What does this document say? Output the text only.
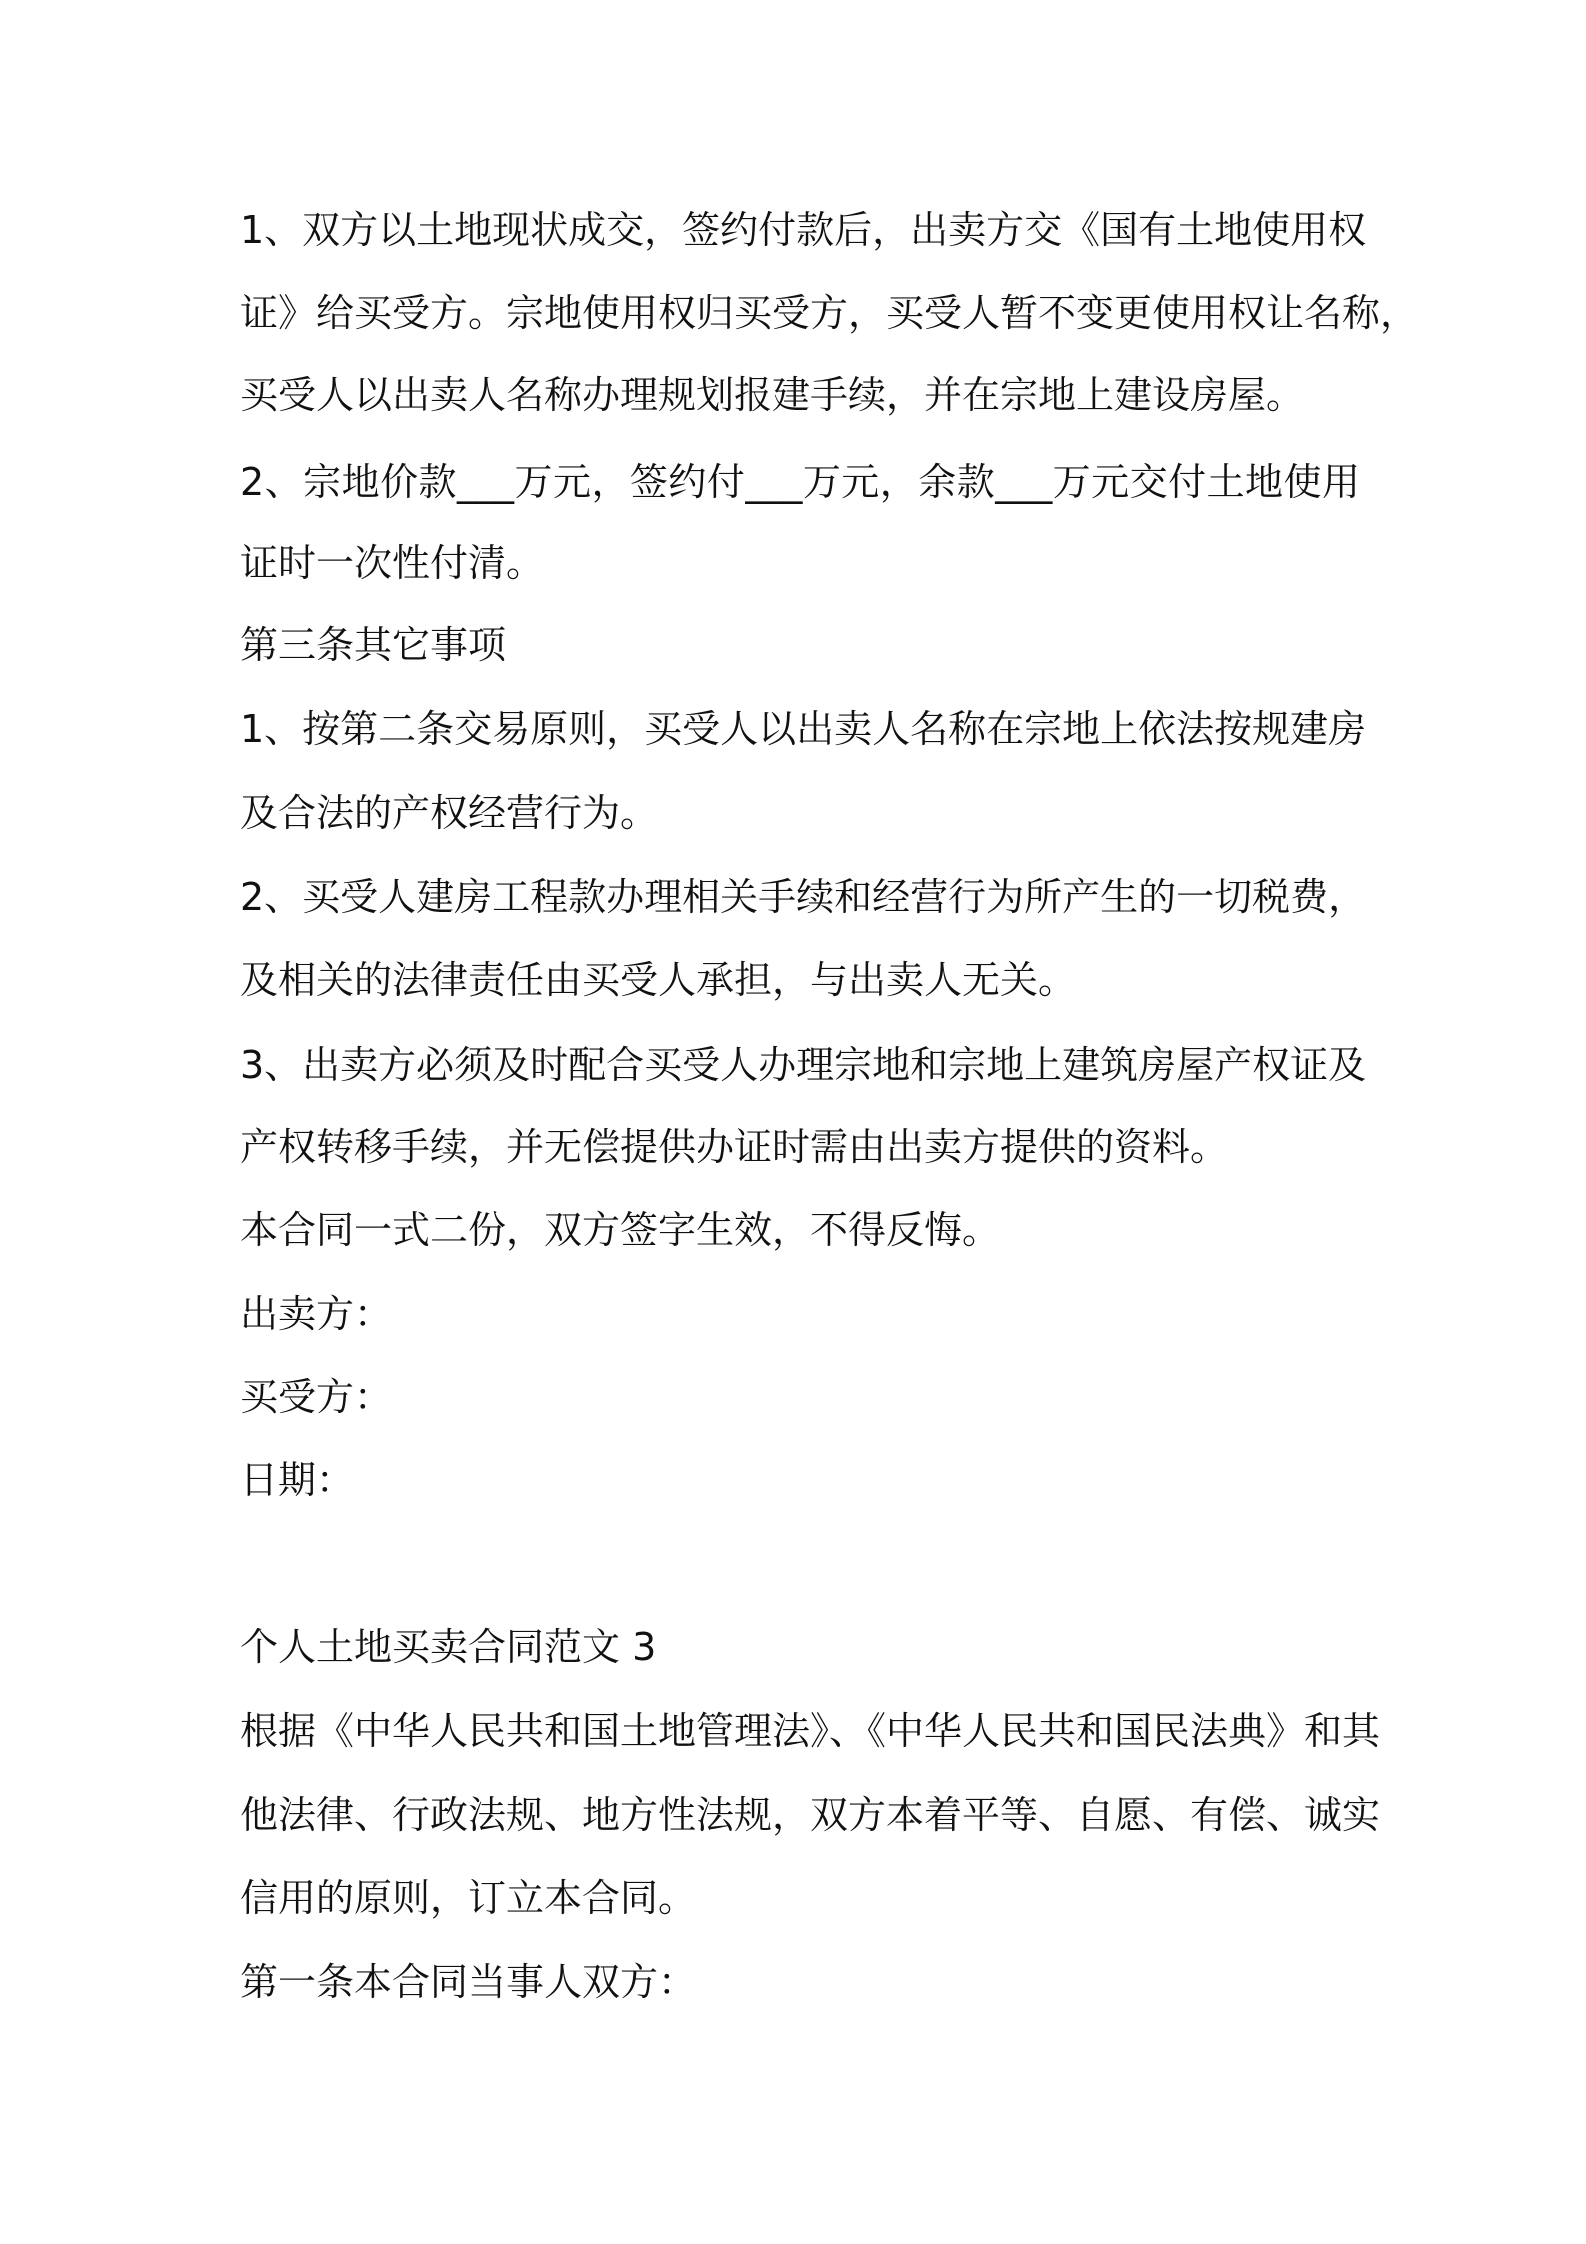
1、双方以土地现状成交，签约付款后，出卖方交《国有土地使用权
证》给买受方。宗地使用权归买受方，买受人暂不变更使用权让名称，
买受人以出卖人名称办理规划报建手续，并在宗地上建设房屋。
2、宗地价款___万元，签约付___万元，余款___万元交付土地使用
证时一次性付清。
第三条其它事项
1、按第二条交易原则，买受人以出卖人名称在宗地上依法按规建房
及合法的产权经营行为。
2、买受人建房工程款办理相关手续和经营行为所产生的一切税费，
及相关的法律责任由买受人承担，与出卖人无关。
3、出卖方必须及时配合买受人办理宗地和宗地上建筑房屋产权证及
产权转移手续，并无偿提供办证时需由出卖方提供的资料。
本合同一式二份，双方签字生效，不得反悔。
出卖方：
买受方：
日期：
个人土地买卖合同范文 3
根据《中华人民共和国土地管理法》、《中华人民共和国民法典》和其
他法律、行政法规、地方性法规，双方本着平等、自愿、有偿、诚实
信用的原则，订立本合同。
第一条本合同当事人双方：
